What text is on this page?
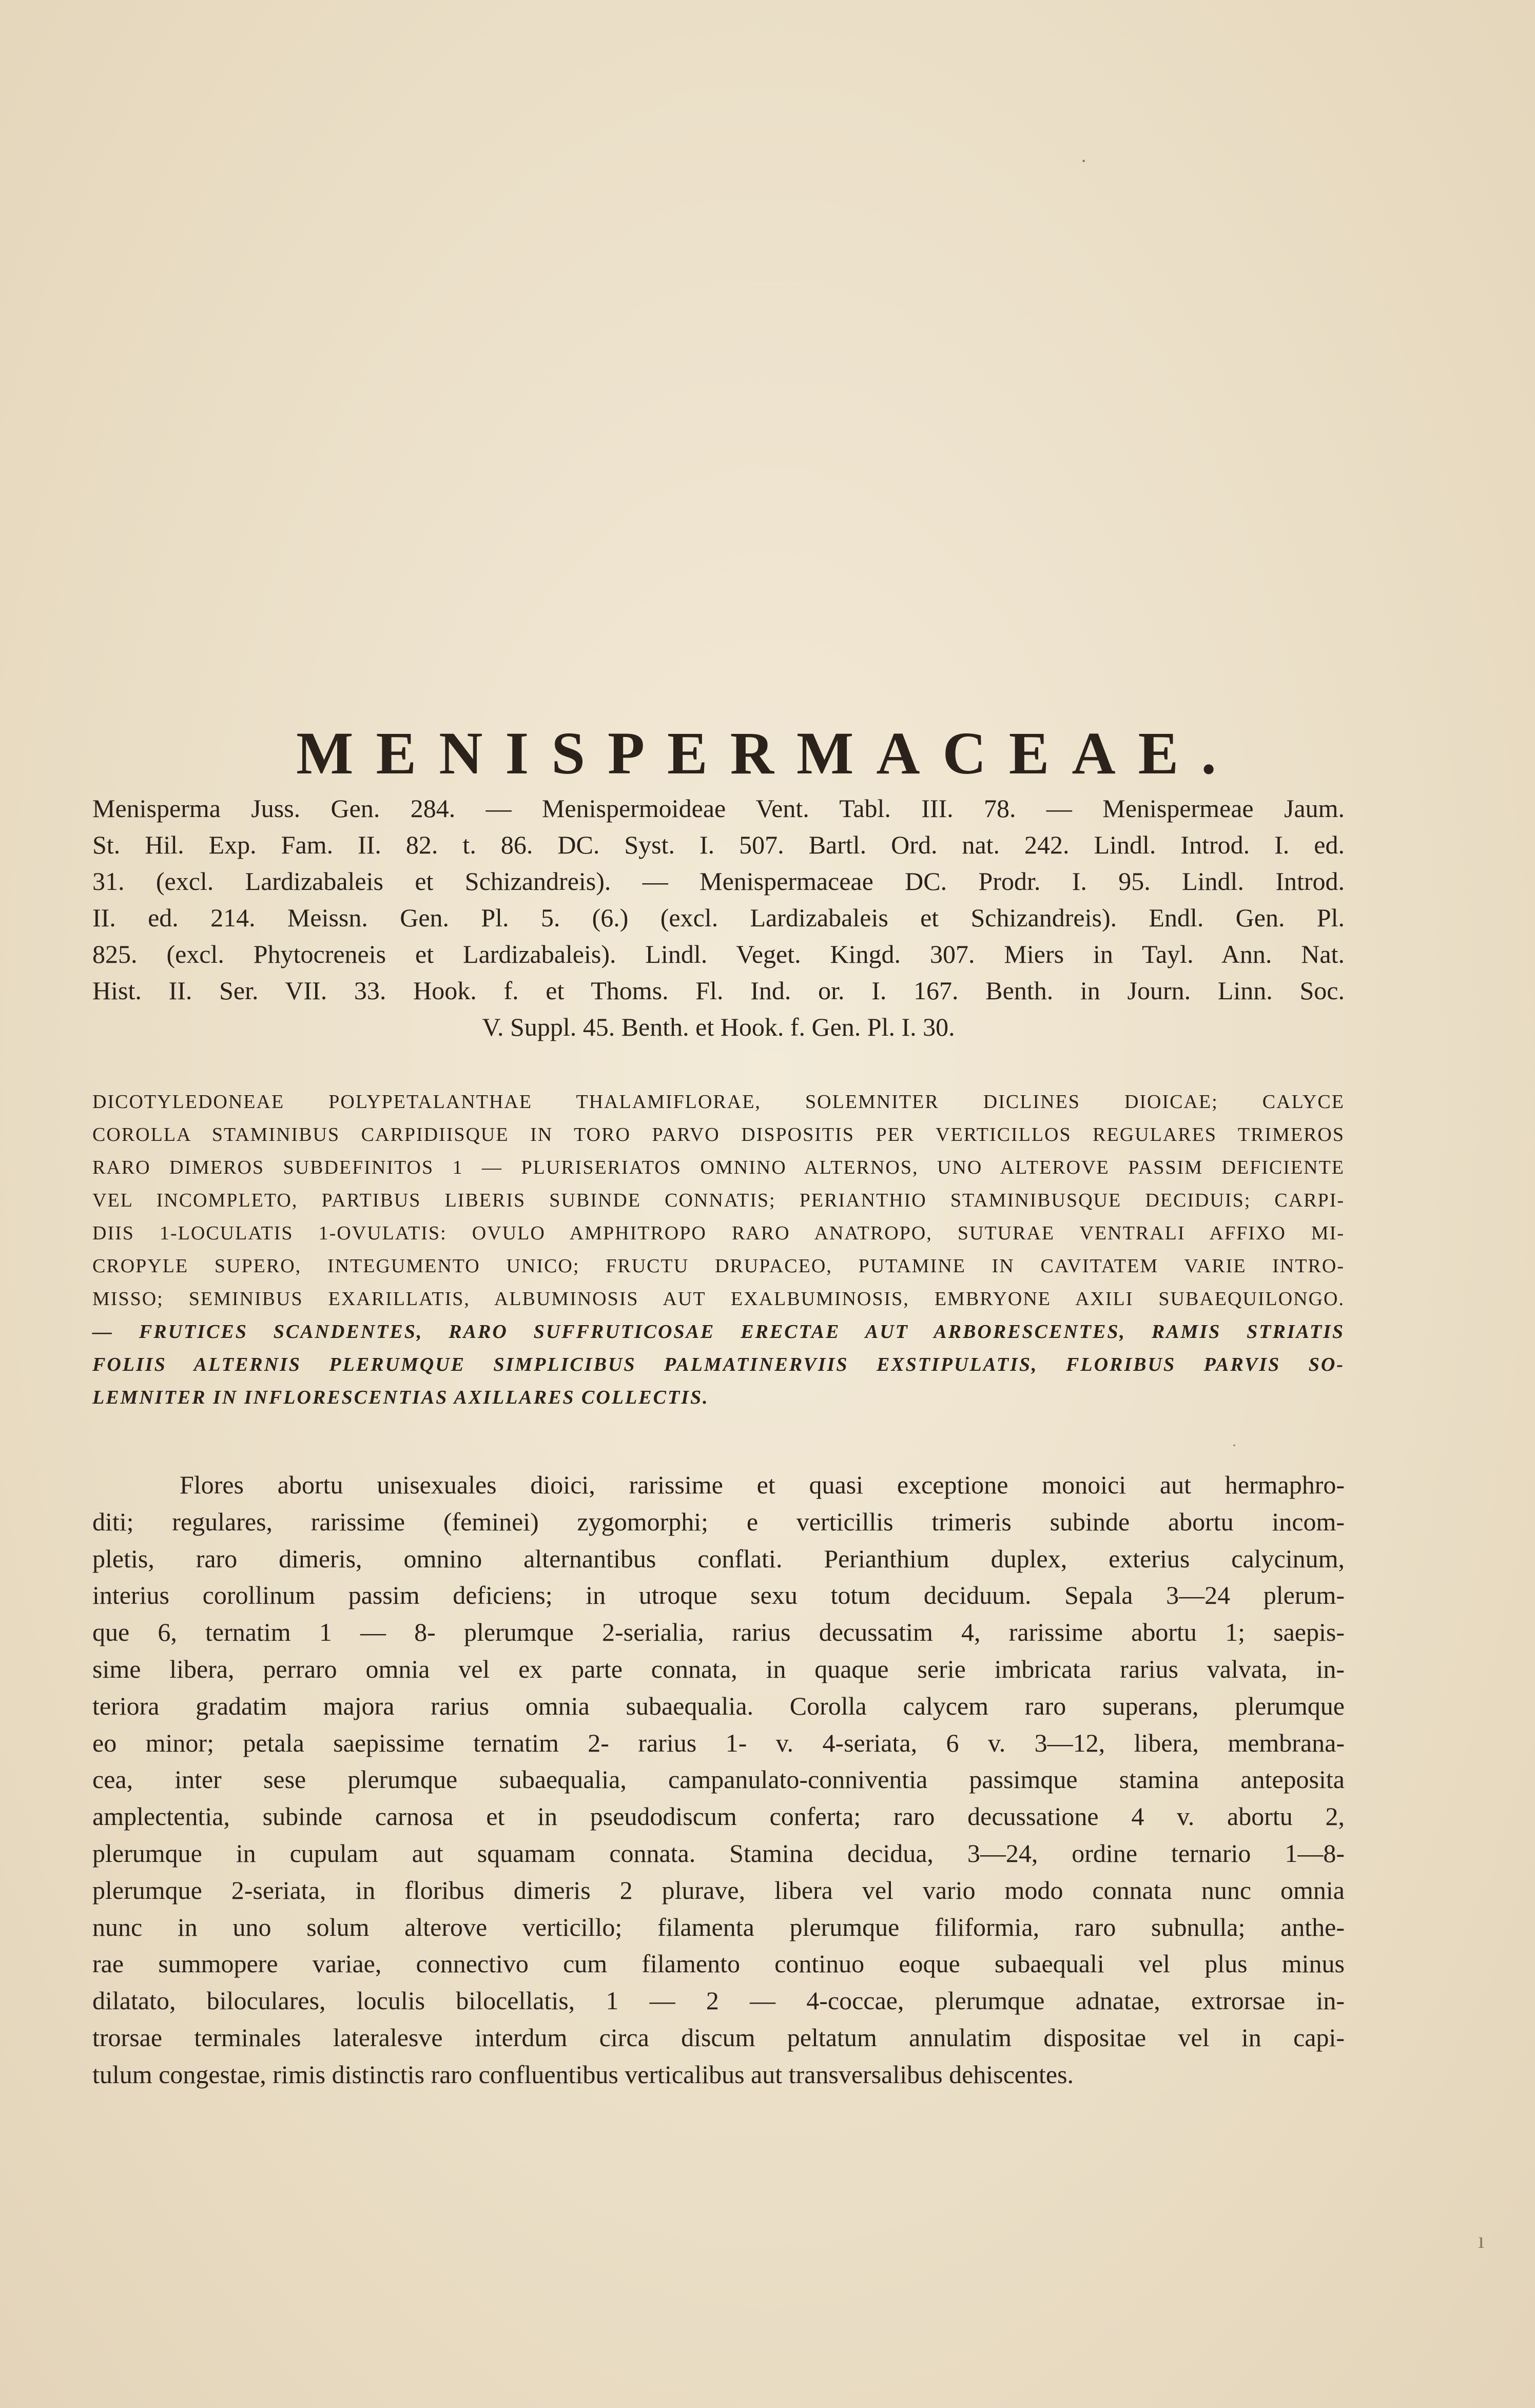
MENISPERMACEAE.
Menisperma Juss. Gen. 284. — Menispermoideae Vent. Tabl. III. 78. — Menispermeae Jaum.
St. Hil. Exp. Fam. II. 82. t. 86. DC. Syst. I. 507. Bartl. Ord. nat. 242. Lindl. Introd. I. ed.
31. (excl. Lardizabaleis et Schizandreis). — Menispermaceae DC. Prodr. I. 95. Lindl. Introd.
II. ed. 214. Meissn. Gen. Pl. 5. (6.) (excl. Lardizabaleis et Schizandreis). Endl. Gen. Pl.
825. (excl. Phytocreneis et Lardizabaleis). Lindl. Veget. Kingd. 307. Miers in Tayl. Ann. Nat.
Hist. II. Ser. VII. 33. Hook. f. et Thoms. Fl. Ind. or. I. 167. Benth. in Journ. Linn. Soc.
V. Suppl. 45. Benth. et Hook. f. Gen. Pl. I. 30.
DICOTYLEDONEAE POLYPETALANTHAE THALAMIFLORAE, SOLEMNITER DICLINES DIOICAE; CALYCE
COROLLA STAMINIBUS CARPIDIISQUE IN TORO PARVO DISPOSITIS PER VERTICILLOS REGULARES TRIMEROS
RARO DIMEROS SUBDEFINITOS 1 — PLURISERIATOS OMNINO ALTERNOS, UNO ALTEROVE PASSIM DEFICIENTE
VEL INCOMPLETO, PARTIBUS LIBERIS SUBINDE CONNATIS; PERIANTHIO STAMINIBUSQUE DECIDUIS; CARPI-
DIIS 1-LOCULATIS 1-OVULATIS: OVULO AMPHITROPO RARO ANATROPO, SUTURAE VENTRALI AFFIXO MI-
CROPYLE SUPERO, INTEGUMENTO UNICO; FRUCTU DRUPACEO, PUTAMINE IN CAVITATEM VARIE INTRO-
MISSO; SEMINIBUS EXARILLATIS, ALBUMINOSIS AUT EXALBUMINOSIS, EMBRYONE AXILI SUBAEQUILONGO.
— FRUTICES SCANDENTES, RARO SUFFRUTICOSAE ERECTAE AUT ARBORESCENTES, RAMIS STRIATIS
FOLIIS ALTERNIS PLERUMQUE SIMPLICIBUS PALMATINERVIIS EXSTIPULATIS, FLORIBUS PARVIS SO-
LEMNITER IN INFLORESCENTIAS AXILLARES COLLECTIS.
Flores abortu unisexuales dioici, rarissime et quasi exceptione monoici aut hermaphro-
diti; regulares, rarissime (feminei) zygomorphi; e verticillis trimeris subinde abortu incom-
pletis, raro dimeris, omnino alternantibus conflati. Perianthium duplex, exterius calycinum,
interius corollinum passim deficiens; in utroque sexu totum deciduum. Sepala 3—24 plerum-
que 6, ternatim 1 — 8- plerumque 2-serialia, rarius decussatim 4, rarissime abortu 1; saepis-
sime libera, perraro omnia vel ex parte connata, in quaque serie imbricata rarius valvata, in-
teriora gradatim majora rarius omnia subaequalia. Corolla calycem raro superans, plerumque
eo minor; petala saepissime ternatim 2- rarius 1- v. 4-seriata, 6 v. 3—12, libera, membrana-
cea, inter sese plerumque subaequalia, campanulato-conniventia passimque stamina anteposita
amplectentia, subinde carnosa et in pseudodiscum conferta; raro decussatione 4 v. abortu 2,
plerumque in cupulam aut squamam connata. Stamina decidua, 3—24, ordine ternario 1—8-
plerumque 2-seriata, in floribus dimeris 2 plurave, libera vel vario modo connata nunc omnia
nunc in uno solum alterove verticillo; filamenta plerumque filiformia, raro subnulla; anthe-
rae summopere variae, connectivo cum filamento continuo eoque subaequali vel plus minus
dilatato, biloculares, loculis bilocellatis, 1 — 2 — 4-coccae, plerumque adnatae, extrorsae in-
trorsae terminales lateralesve interdum circa discum peltatum annulatim dispositae vel in capi-
tulum congestae, rimis distinctis raro confluentibus verticalibus aut transversalibus dehiscentes.
·
ı
·
